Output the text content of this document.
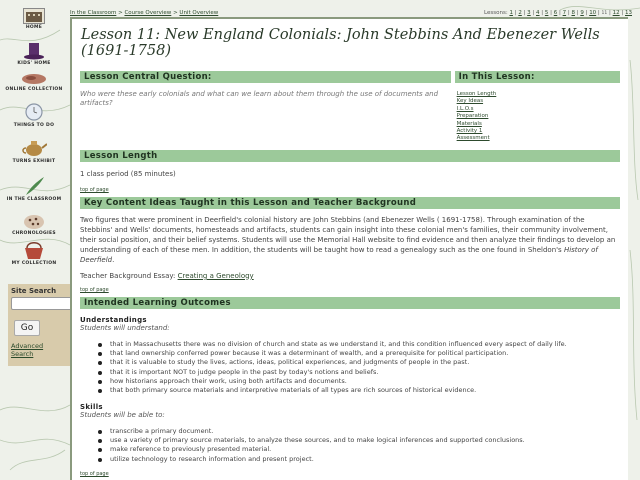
HOME
KIDS' HOME
ONLINE COLLECTION
THINGS TO DO
TURNS EXHIBIT
IN THE CLASSROOM
CHRONOLOGIES
MY COLLECTION
Site Search
Go
Advanced Search
In the Classroom > Course Overview > Unit Overview	Lessons: 1 | 2 | 3 | 4 | 5 | 6 | 7 | 8 | 9 | 10 | 11 | 12 | 13
Lesson 11: New England Colonials: John Stebbins And Ebenezer Wells (1691-1758)
Lesson Central Question:

Who were these early colonials and what can we learn about them through the use of documents and artifacts?

In This Lesson:
Lesson Length
Key Ideas
I.L.O.s
Preparation
Materials
Activity 1
Assessment
Lesson Length

1 class period (85 minutes)

top of page
Key Content Ideas Taught in this Lesson and Teacher Background

Two figures that were prominent in Deerfield's colonial history are John Stebbins (and Ebenezer Wells ( 1691-1758). Through examination of the Stebbins' and Wells' documents, homesteads and artifacts, students can gain insight into these colonial men's families, their community involvement, their social position, and their belief systems. Students will use the Memorial Hall website to find evidence and then analyze their findings to develop an understanding of each of these men. In addition, the students will be taught how to read a genealogy such as the one found in Sheldon's History of Deerfield.

Teacher Background Essay: Creating a Geneology

top of page
Intended Learning Outcomes
Understandings
Students will understand:
that in Massachusetts there was no division of church and state as we understand it, and this condition influenced every aspect of daily life.
that land ownership conferred power because it was a determinant of wealth, and a prerequisite for political participation.
that it is valuable to study the lives, actions, ideas, political experiences, and judgments of people in the past.
that it is important NOT to judge people in the past by today's notions and beliefs.
how historians approach their work, using both artifacts and documents.
that both primary source materials and interpretive materials of all types are rich sources of historical evidence.
Skills
Students will be able to:
transcribe a primary document.
use a variety of primary source materials, to analyze these sources, and to make logical inferences and supported conclusions.
make reference to previously presented material.
utilize technology to research information and present project.
top of page
